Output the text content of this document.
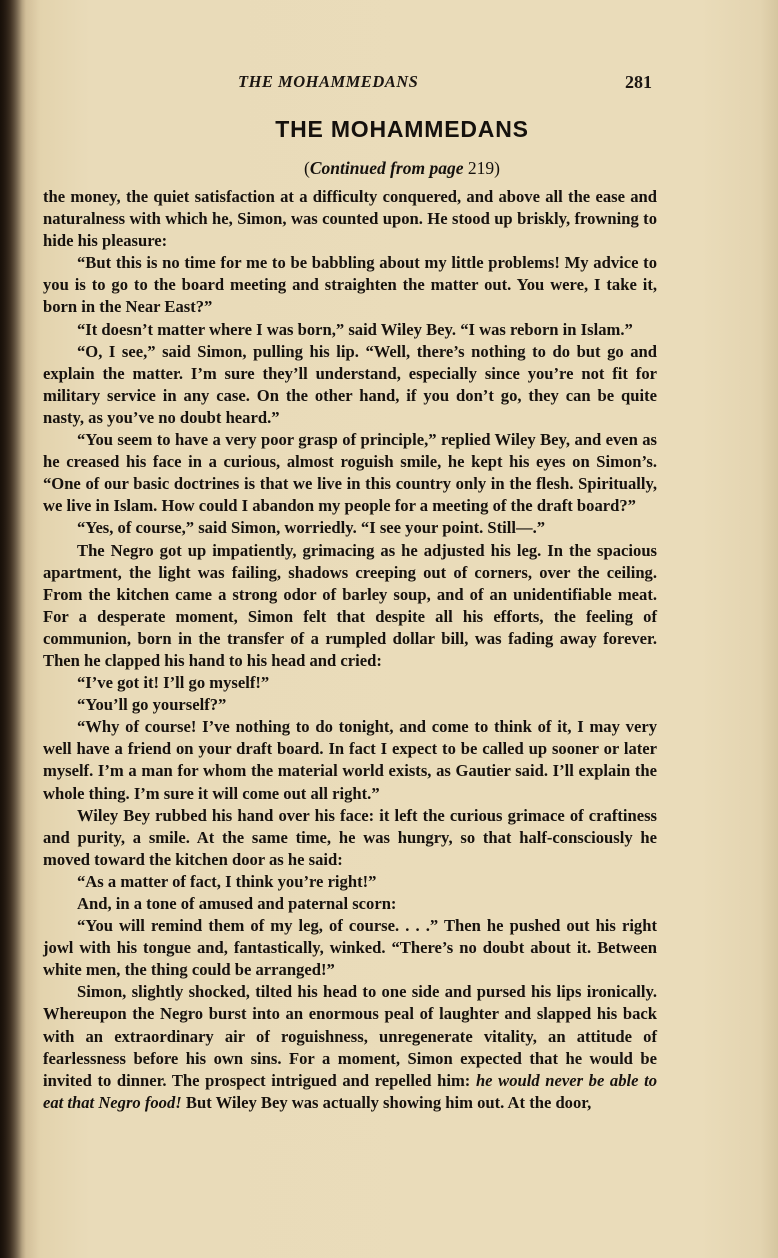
THE MOHAMMEDANS	281
THE MOHAMMEDANS
(Continued from page 219)

the money, the quiet satisfaction at a difficulty conquered, and above all the ease and naturalness with which he, Simon, was counted upon. He stood up briskly, frowning to hide his pleasure:

“But this is no time for me to be babbling about my little problems! My advice to you is to go to the board meeting and straighten the matter out. You were, I take it, born in the Near East?”

“It doesn’t matter where I was born,” said Wiley Bey. “I was reborn in Islam.”

“O, I see,” said Simon, pulling his lip. “Well, there’s nothing to do but go and explain the matter. I’m sure they’ll understand, especially since you’re not fit for military service in any case. On the other hand, if you don’t go, they can be quite nasty, as you’ve no doubt heard.”

“You seem to have a very poor grasp of principle,” replied Wiley Bey, and even as he creased his face in a curious, almost roguish smile, he kept his eyes on Simon’s. “One of our basic doctrines is that we live in this country only in the flesh. Spiritually, we live in Islam. How could I abandon my people for a meeting of the draft board?”

“Yes, of course,” said Simon, worriedly. “I see your point. Still—.”

The Negro got up impatiently, grimacing as he adjusted his leg. In the spacious apartment, the light was failing, shadows creeping out of corners, over the ceiling. From the kitchen came a strong odor of barley soup, and of an unidentifiable meat. For a desperate moment, Simon felt that despite all his efforts, the feeling of communion, born in the transfer of a rumpled dollar bill, was fading away forever. Then he clapped his hand to his head and cried:

“I’ve got it! I’ll go myself!”

“You’ll go yourself?”

“Why of course! I’ve nothing to do tonight, and come to think of it, I may very well have a friend on your draft board. In fact I expect to be called up sooner or later myself. I’m a man for whom the material world exists, as Gautier said. I’ll explain the whole thing. I’m sure it will come out all right.”

Wiley Bey rubbed his hand over his face: it left the curious grimace of craftiness and purity, a smile. At the same time, he was hungry, so that half-consciously he moved toward the kitchen door as he said:

“As a matter of fact, I think you’re right!”

And, in a tone of amused and paternal scorn:

“You will remind them of my leg, of course. . . .” Then he pushed out his right jowl with his tongue and, fantastically, winked. “There’s no doubt about it. Between white men, the thing could be arranged!”

Simon, slightly shocked, tilted his head to one side and pursed his lips ironically. Whereupon the Negro burst into an enormous peal of laughter and slapped his back with an extraordinary air of roguishness, unregenerate vitality, an attitude of fearlessness before his own sins. For a moment, Simon expected that he would be invited to dinner. The prospect intrigued and repelled him: he would never be able to eat that Negro food! But Wiley Bey was actually showing him out. At the door,
